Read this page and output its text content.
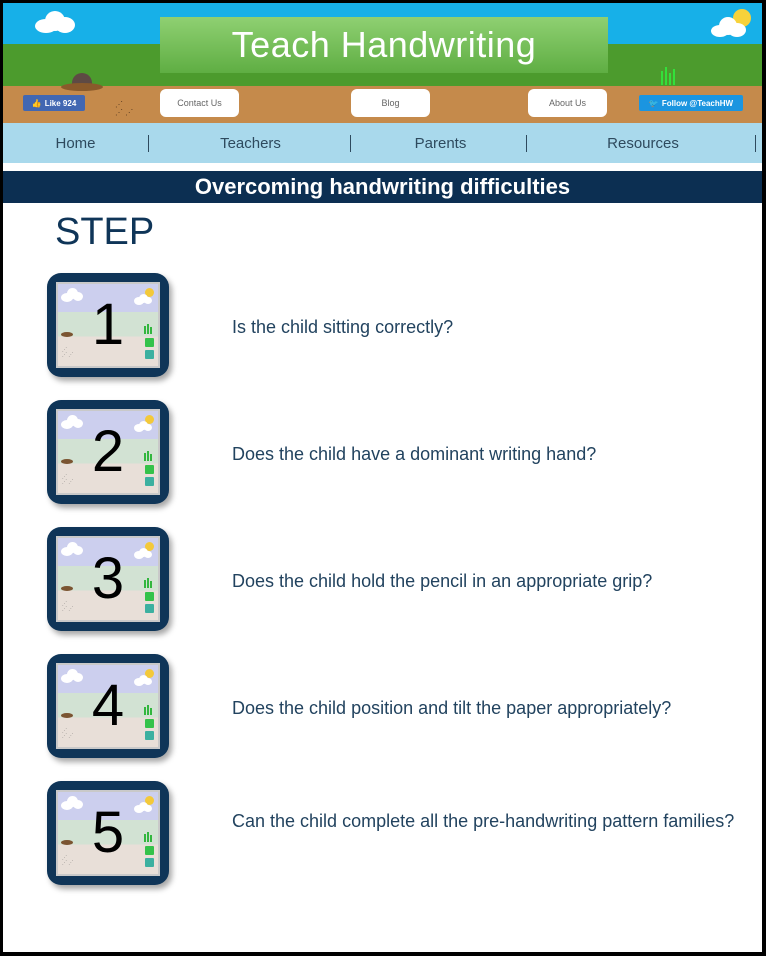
Teach Handwriting
⋰
⋰ ⋰
👍 Like 924	Contact Us	Blog	About Us	🐦 Follow @TeachHW
Home	Teachers	Parents	Resources
Overcoming handwriting difficulties
STEP
1
⋰
⋰ ⋰
Is the child sitting correctly?
2
⋰
⋰ ⋰
Does the child have a dominant writing hand?
3
⋰
⋰ ⋰
Does the child hold the pencil in an appropriate grip?
4
⋰
⋰ ⋰
Does the child position and tilt the paper appropriately?
5
⋰
⋰ ⋰
Can the child complete all the pre-handwriting pattern families?
